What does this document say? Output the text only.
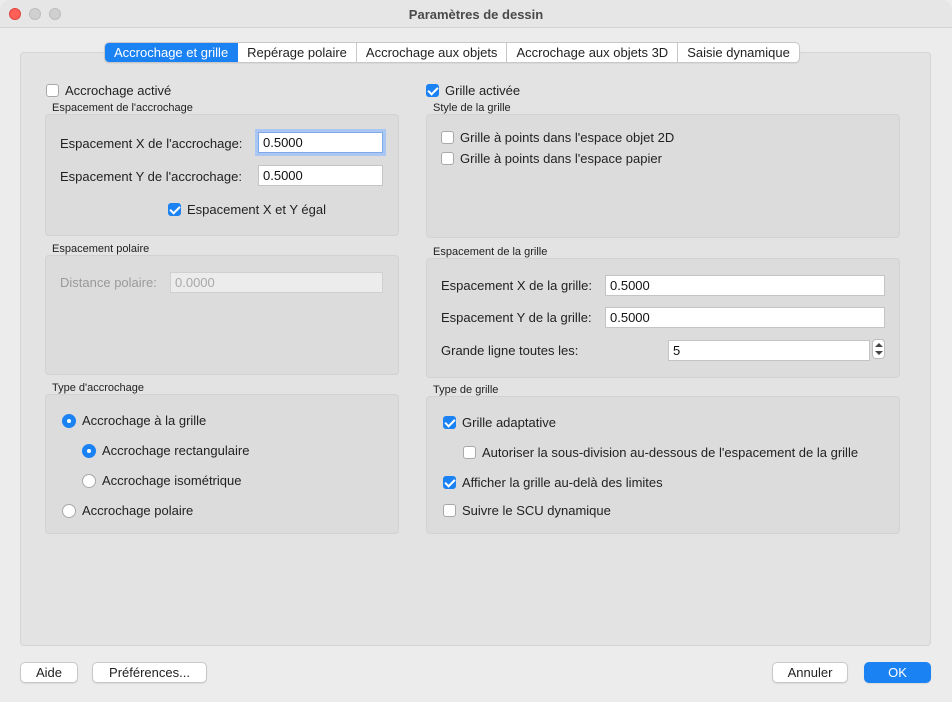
Paramètres de dessin
Accrochage et grille	Repérage polaire	Accrochage aux objets	Accrochage aux objets 3D	Saisie dynamique
Accrochage activé
Espacement de l'accrochage
Espacement X de l'accrochage:
0.5000
Espacement Y de l'accrochage:
0.5000
Espacement X et Y égal
Espacement polaire
Distance polaire:
0.0000
Type d'accrochage
Accrochage à la grille
Accrochage rectangulaire
Accrochage isométrique
Accrochage polaire
Grille activée
Style de la grille
Grille à points dans l'espace objet 2D
Grille à points dans l'espace papier
Espacement de la grille
Espacement X de la grille:
0.5000
Espacement Y de la grille:
0.5000
Grande ligne toutes les:
5
Type de grille
Grille adaptative
Autoriser la sous-division au-dessous de l'espacement de la grille
Afficher la grille au-delà des limites
Suivre le SCU dynamique
Aide	Préférences...	Annuler	OK
